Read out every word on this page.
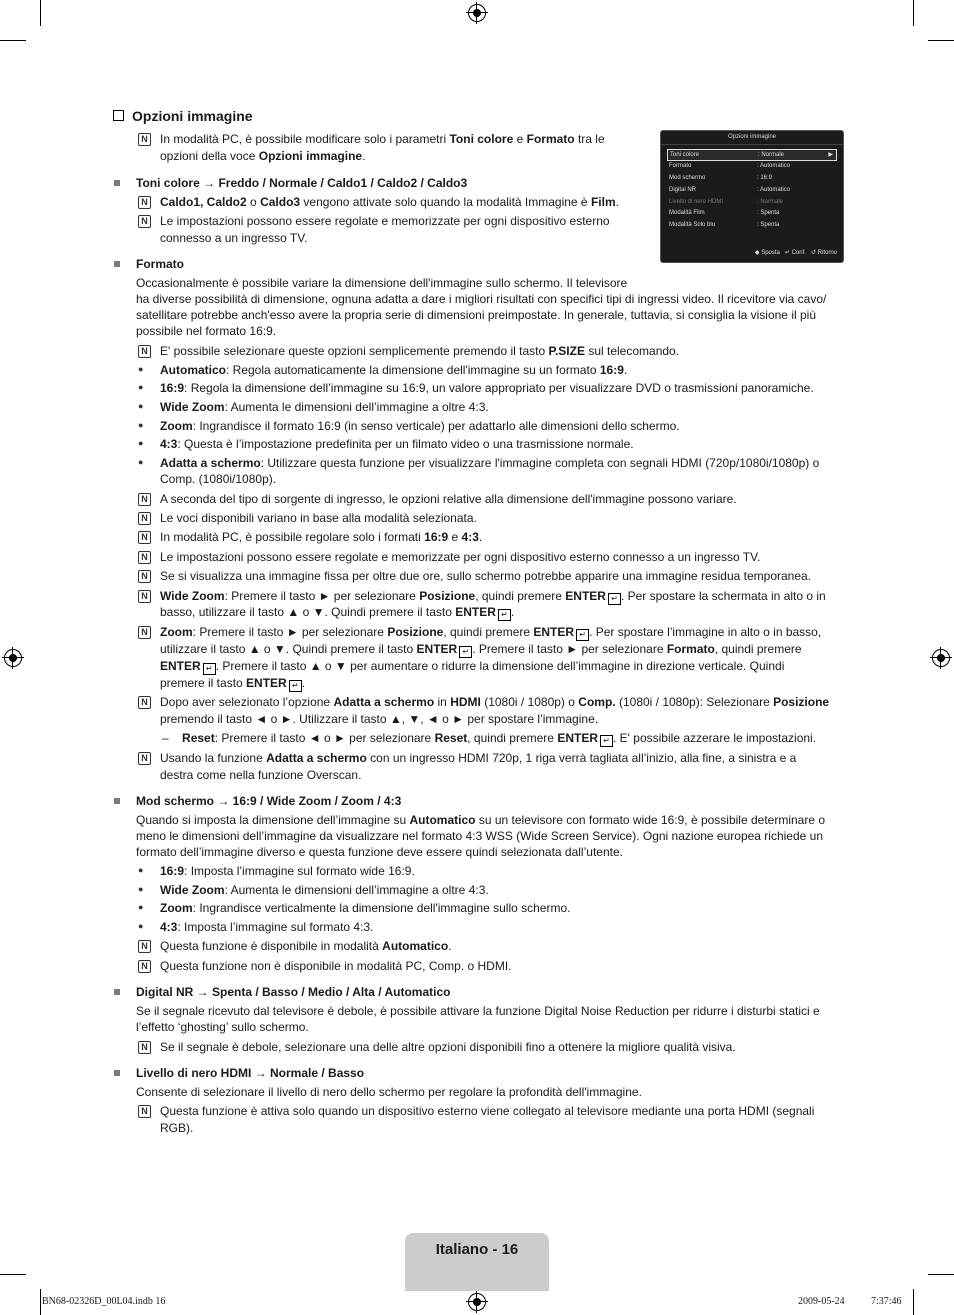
Opzioni immagine
Opzioni immagine
Toni colore	: Normale	▶
Formato	: Automatico
Mod schermo	: 16:9
Digital NR	: Automatico
Livello di nero HDMI	: Normale
Modalità Film	: Spenta
Modalità Solo blu	: Spenta
◆ Sposta ↵ Conf. ↺ Ritorno
N In modalità PC, è possibile modificare solo i parametri Toni colore e Formato tra le
opzioni della voce Opzioni immagine.
Toni colore → Freddo / Normale / Caldo1 / Caldo2 / Caldo3
N Caldo1, Caldo2 o Caldo3 vengono attivate solo quando la modalità Immagine è Film.
N Le impostazioni possono essere regolate e memorizzate per ogni dispositivo esterno
connesso a un ingresso TV.
Formato
Occasionalmente è possibile variare la dimensione dell'immagine sullo schermo. Il televisore
ha diverse possibilità di dimensione, ognuna adatta a dare i migliori risultati con specifici tipi di ingressi video. Il ricevitore via cavo/
satellitare potrebbe anch'esso avere la propria serie di dimensioni preimpostate. In generale, tuttavia, si consiglia la visione il più
possibile nel formato 16:9.
N E' possibile selezionare queste opzioni semplicemente premendo il tasto P.SIZE sul telecomando.
● Automatico: Regola automaticamente la dimensione dell'immagine su un formato 16:9.
● 16:9: Regola la dimensione dell’immagine su 16:9, un valore appropriato per visualizzare DVD o trasmissioni panoramiche.
● Wide Zoom: Aumenta le dimensioni dell’immagine a oltre 4:3.
● Zoom: Ingrandisce il formato 16:9 (in senso verticale) per adattarlo alle dimensioni dello schermo.
● 4:3: Questa è l’impostazione predefinita per un filmato video o una trasmissione normale.
● Adatta a schermo: Utilizzare questa funzione per visualizzare l'immagine completa con segnali HDMI (720p/1080i/1080p) o
Comp. (1080i/1080p).
N A seconda del tipo di sorgente di ingresso, le opzioni relative alla dimensione dell'immagine possono variare.
N Le voci disponibili variano in base alla modalità selezionata.
N In modalità PC, è possibile regolare solo i formati 16:9 e 4:3.
N Le impostazioni possono essere regolate e memorizzate per ogni dispositivo esterno connesso a un ingresso TV.
N Se si visualizza una immagine fissa per oltre due ore, sullo schermo potrebbe apparire una immagine residua temporanea.
N Wide Zoom: Premere il tasto ► per selezionare Posizione, quindi premere ENTER ↵ . Per spostare la schermata in alto o in
basso, utilizzare il tasto ▲ o ▼. Quindi premere il tasto ENTER ↵ .
N Zoom: Premere il tasto ► per selezionare Posizione, quindi premere ENTER ↵ . Per spostare l’immagine in alto o in basso,
utilizzare il tasto ▲ o ▼. Quindi premere il tasto ENTER ↵ . Premere il tasto ► per selezionare Formato, quindi premere
ENTER ↵ . Premere il tasto ▲ o ▼ per aumentare o ridurre la dimensione dell’immagine in direzione verticale. Quindi
premere il tasto ENTER ↵ .
N Dopo aver selezionato l’opzione Adatta a schermo in HDMI (1080i / 1080p) o Comp. (1080i / 1080p): Selezionare Posizione
premendo il tasto ◄ o ►. Utilizzare il tasto ▲, ▼, ◄ o ► per spostare l’immagine.
– Reset: Premere il tasto ◄ o ► per selezionare Reset, quindi premere ENTER ↵ . E' possibile azzerare le impostazioni.
N Usando la funzione Adatta a schermo con un ingresso HDMI 720p, 1 riga verrà tagliata all’inizio, alla fine, a sinistra e a
destra come nella funzione Overscan.
Mod schermo → 16:9 / Wide Zoom / Zoom / 4:3
Quando si imposta la dimensione dell’immagine su Automatico su un televisore con formato wide 16:9, è possibile determinare o
meno le dimensioni dell’immagine da visualizzare nel formato 4:3 WSS (Wide Screen Service). Ogni nazione europea richiede un
formato dell’immagine diverso e questa funzione deve essere quindi selezionata dall’utente.
● 16:9: Imposta l’immagine sul formato wide 16:9.
● Wide Zoom: Aumenta le dimensioni dell’immagine a oltre 4:3.
● Zoom: Ingrandisce verticalmente la dimensione dell'immagine sullo schermo.
● 4:3: Imposta l’immagine sul formato 4:3.
N Questa funzione è disponibile in modalità Automatico.
N Questa funzione non è disponibile in modalità PC, Comp. o HDMI.
Digital NR → Spenta / Basso / Medio / Alta / Automatico
Se il segnale ricevuto dal televisore è debole, è possibile attivare la funzione Digital Noise Reduction per ridurre i disturbi statici e
l’effetto ‘ghosting’ sullo schermo.
N Se il segnale è debole, selezionare una delle altre opzioni disponibili fino a ottenere la migliore qualità visiva.
Livello di nero HDMI → Normale / Basso
Consente di selezionare il livello di nero dello schermo per regolare la profondità dell'immagine.
N Questa funzione è attiva solo quando un dispositivo esterno viene collegato al televisore mediante una porta HDMI (segnali
RGB).
Italiano - 16
BN68-02326D_00L04.indb 16	2009-05-24	7:37:46
